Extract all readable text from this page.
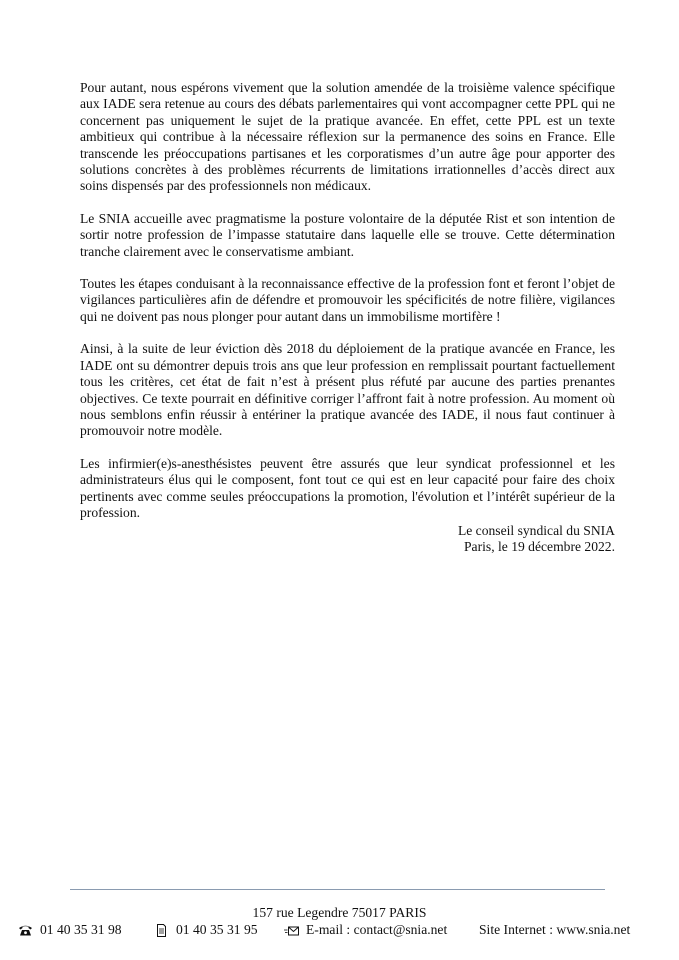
Pour autant, nous espérons vivement que la solution amendée de la troisième valence spécifique aux IADE sera retenue au cours des débats parlementaires qui vont accompagner cette PPL qui ne concernent pas uniquement le sujet de la pratique avancée. En effet, cette PPL est un texte ambitieux qui contribue à la nécessaire réflexion sur la permanence des soins en France. Elle transcende les préoccupations partisanes et les corporatismes d’un autre âge pour apporter des solutions concrètes à des problèmes récurrents de limitations irrationnelles d’accès direct aux soins dispensés par des professionnels non médicaux.

Le SNIA accueille avec pragmatisme la posture volontaire de la députée Rist et son intention de sortir notre profession de l’impasse statutaire dans laquelle elle se trouve. Cette détermination tranche clairement avec le conservatisme ambiant.

Toutes les étapes conduisant à la reconnaissance effective de la profession font et feront l’objet de vigilances particulières afin de défendre et promouvoir les spécificités de notre filière, vigilances qui ne doivent pas nous plonger pour autant dans un immobilisme mortifère !

Ainsi, à la suite de leur éviction dès 2018 du déploiement de la pratique avancée en France, les IADE ont su démontrer depuis trois ans que leur profession en remplissait pourtant factuellement tous les critères, cet état de fait n’est à présent plus réfuté par aucune des parties prenantes objectives. Ce texte pourrait en définitive corriger l’affront fait à notre profession. Au moment où nous semblons enfin réussir à entériner la pratique avancée des IADE, il nous faut continuer à promouvoir notre modèle.

Les infirmier(e)s-anesthésistes peuvent être assurés que leur syndicat professionnel et les administrateurs élus qui le composent, font tout ce qui est en leur capacité pour faire des choix pertinents avec comme seules préoccupations la promotion, l'évolution et l’intérêt supérieur de la profession.

Le conseil syndical du SNIA
Paris, le 19 décembre 2022.
157 rue Legendre 75017 PARIS
01 40 35 31 98	01 40 35 31 95	E-mail : contact@snia.net Site Internet : www.snia.net
